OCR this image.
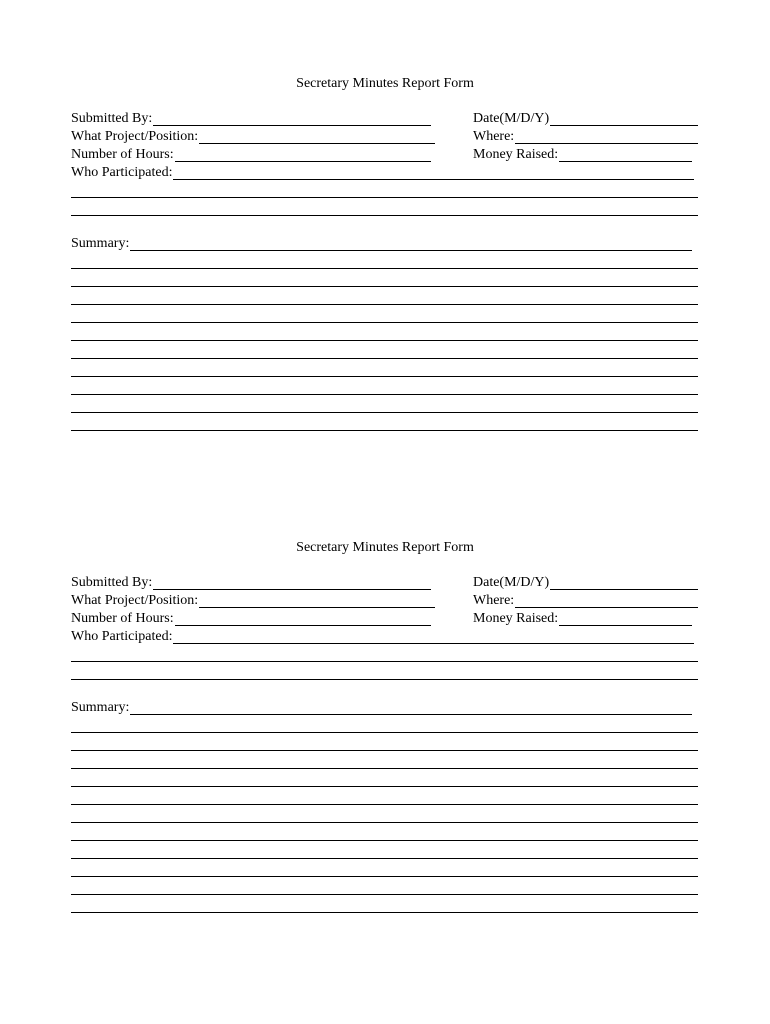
Secretary Minutes Report Form
Submitted By:
What Project/Position:
Number of Hours:
Who Participated:
Date(M/D/Y)
Where:
Money Raised:
Summary:
Secretary Minutes Report Form
Submitted By:
What Project/Position:
Number of Hours:
Who Participated:
Date(M/D/Y)
Where:
Money Raised:
Summary:
